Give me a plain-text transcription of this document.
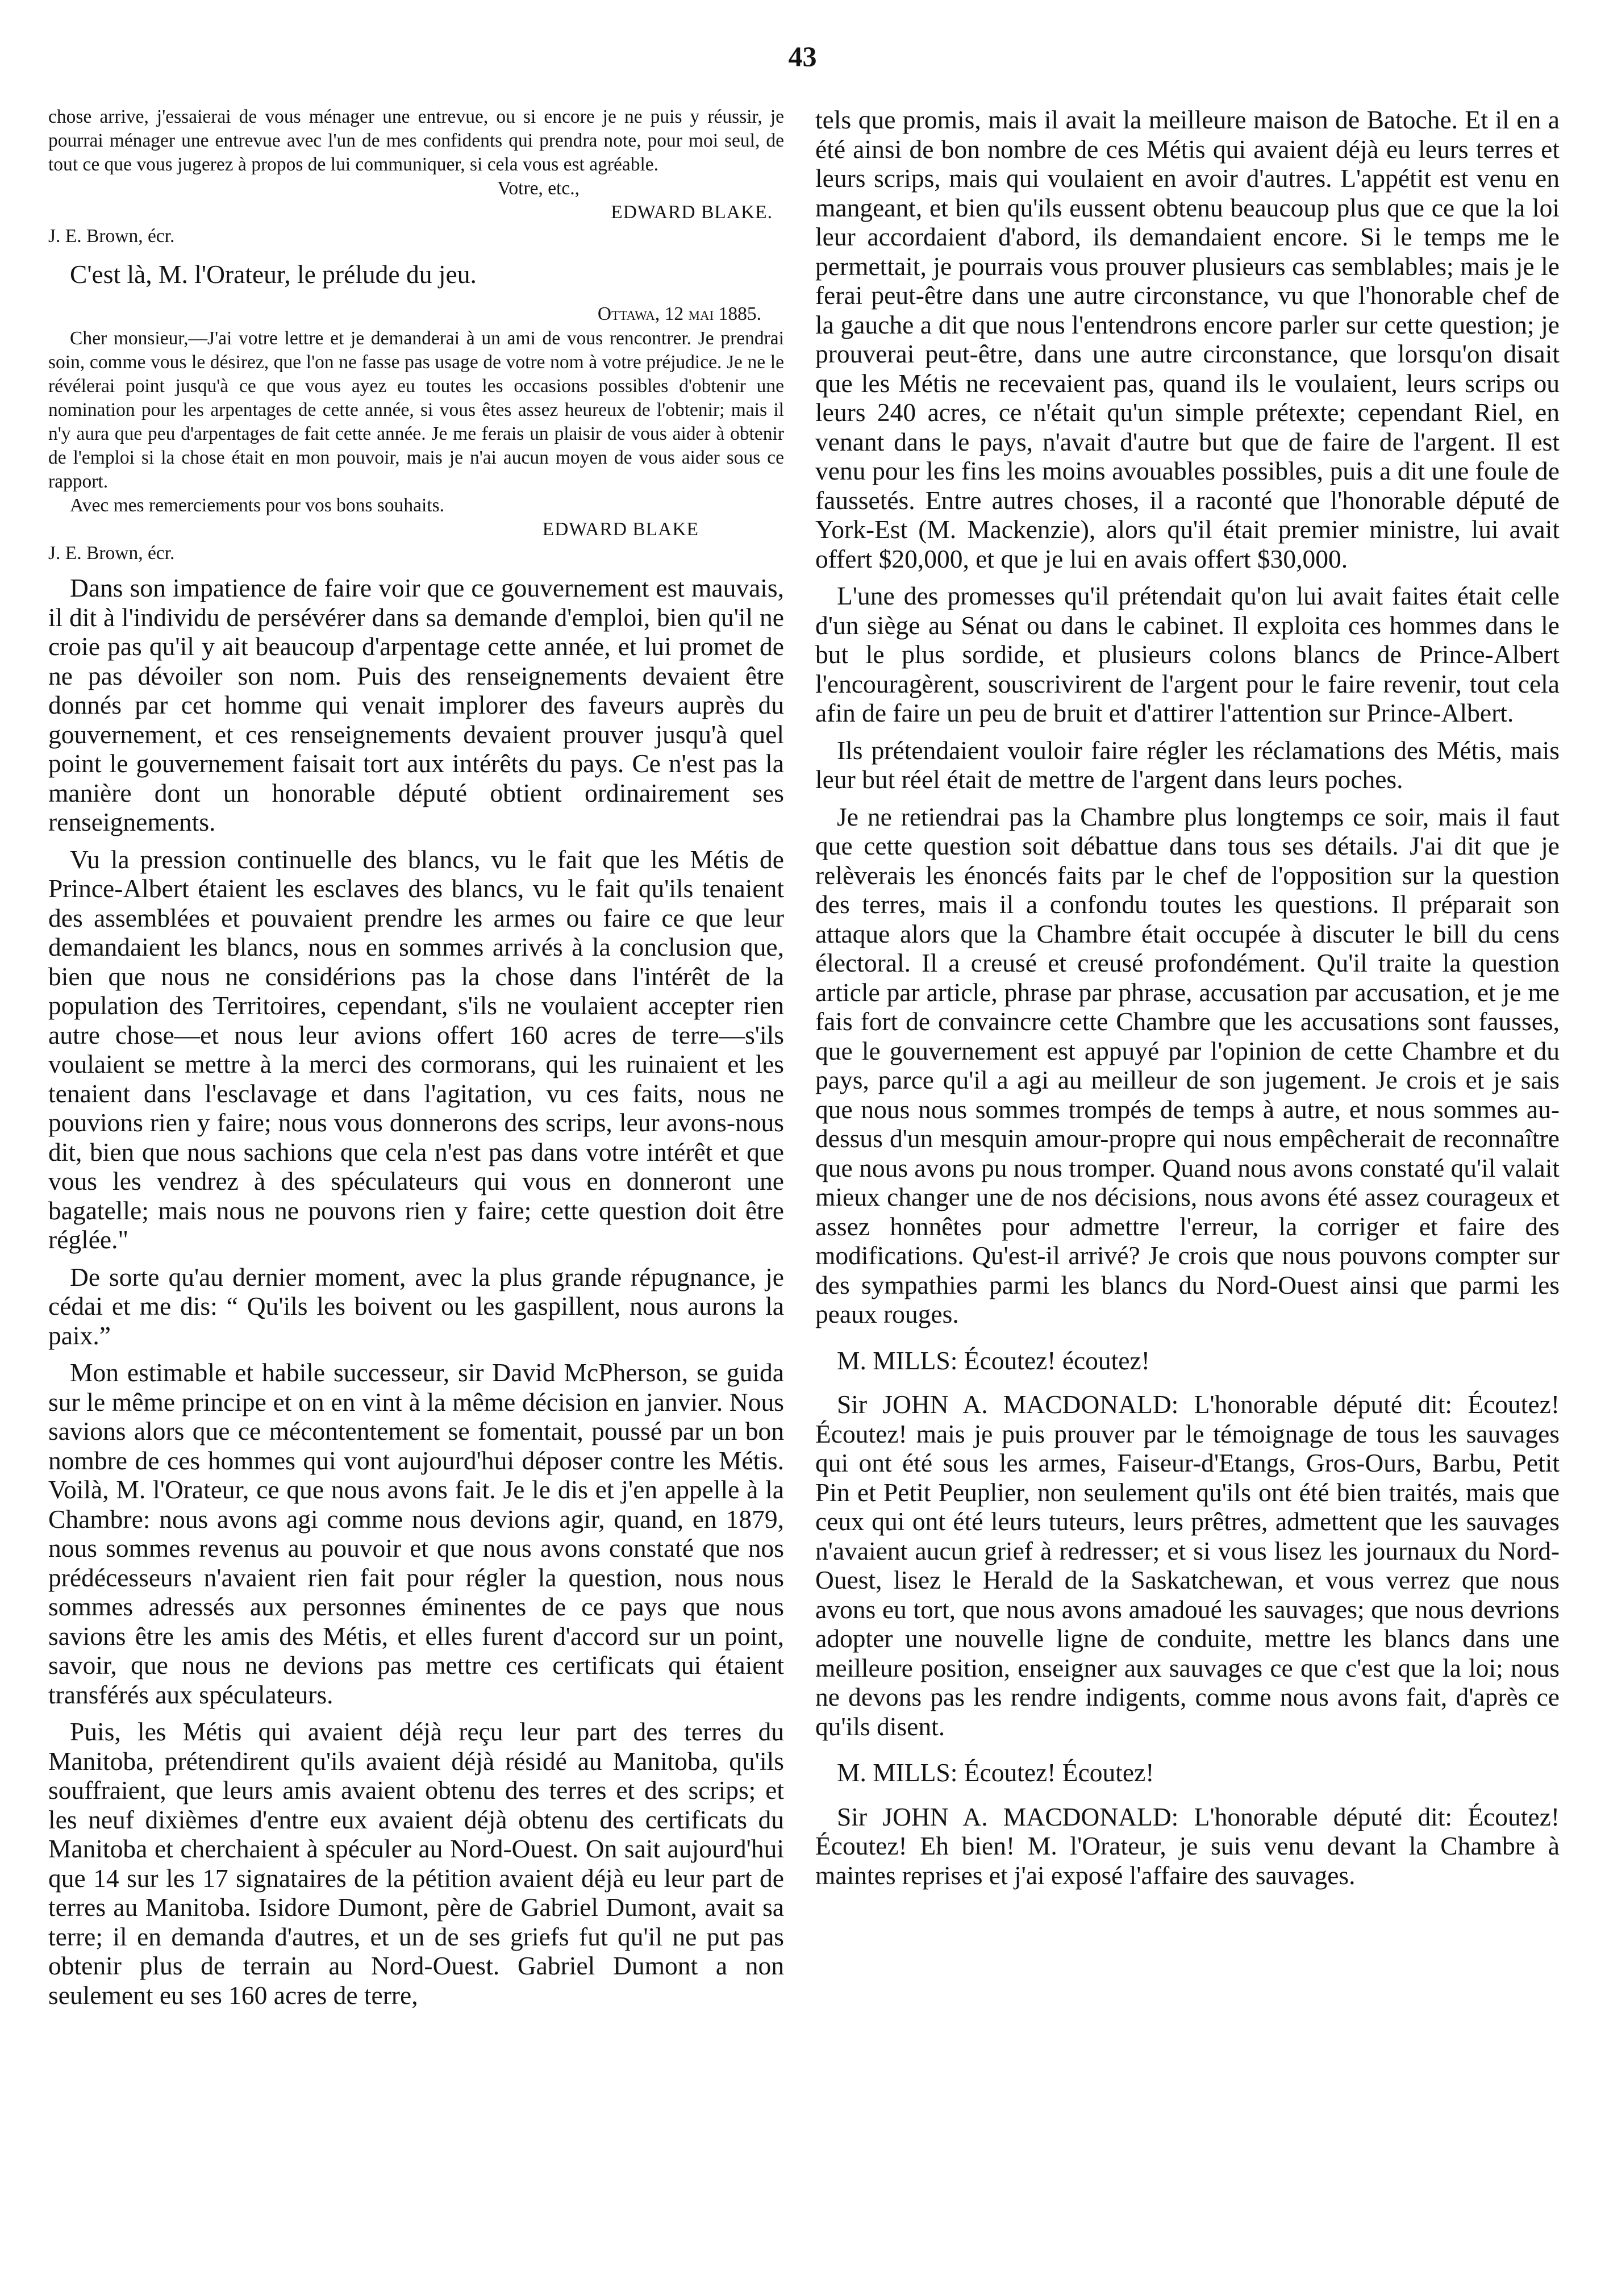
43

chose arrive, j'essaierai de vous ménager une entrevue, ou si encore je ne puis y réussir, je pourrai ménager une entrevue avec l'un de mes confidents qui prendra note, pour moi seul, de tout ce que vous jugerez à propos de lui communiquer, si cela vous est agréable.

Votre, etc.,

EDWARD BLAKE.

J. E. Brown, écr.

C'est là, M. l'Orateur, le prélude du jeu.

Ottawa, 12 mai 1885.

Cher monsieur,—J'ai votre lettre et je demanderai à un ami de vous rencontrer. Je prendrai soin, comme vous le désirez, que l'on ne fasse pas usage de votre nom à votre préjudice. Je ne le révélerai point jusqu'à ce que vous ayez eu toutes les occasions possibles d'obtenir une nomination pour les arpentages de cette année, si vous êtes assez heureux de l'obtenir; mais il n'y aura que peu d'arpentages de fait cette année. Je me ferais un plaisir de vous aider à obtenir de l'emploi si la chose était en mon pouvoir, mais je n'ai aucun moyen de vous aider sous ce rapport.

Avec mes remerciements pour vos bons souhaits.

EDWARD BLAKE

J. E. Brown, écr.

Dans son impatience de faire voir que ce gouvernement est mauvais, il dit à l'individu de persévérer dans sa demande d'emploi, bien qu'il ne croie pas qu'il y ait beaucoup d'arpentage cette année, et lui promet de ne pas dévoiler son nom. Puis des renseignements devaient être donnés par cet homme qui venait implorer des faveurs auprès du gouvernement, et ces renseignements devaient prouver jusqu'à quel point le gouvernement faisait tort aux intérêts du pays. Ce n'est pas la manière dont un honorable député obtient ordinairement ses renseignements.

Vu la pression continuelle des blancs, vu le fait que les Métis de Prince-Albert étaient les esclaves des blancs, vu le fait qu'ils tenaient des assemblées et pouvaient prendre les armes ou faire ce que leur demandaient les blancs, nous en sommes arrivés à la conclusion que, bien que nous ne considérions pas la chose dans l'intérêt de la population des Territoires, cependant, s'ils ne voulaient accepter rien autre chose—et nous leur avions offert 160 acres de terre—s'ils voulaient se mettre à la merci des cormorans, qui les ruinaient et les tenaient dans l'esclavage et dans l'agitation, vu ces faits, nous ne pouvions rien y faire; nous vous donnerons des scrips, leur avons-nous dit, bien que nous sachions que cela n'est pas dans votre intérêt et que vous les vendrez à des spéculateurs qui vous en donneront une bagatelle; mais nous ne pouvons rien y faire; cette question doit être réglée."

De sorte qu'au dernier moment, avec la plus grande répugnance, je cédai et me dis: “ Qu'ils les boivent ou les gaspillent, nous aurons la paix.”

Mon estimable et habile successeur, sir David McPherson, se guida sur le même principe et on en vint à la même décision en janvier. Nous savions alors que ce mécontentement se fomentait, poussé par un bon nombre de ces hommes qui vont aujourd'hui déposer contre les Métis. Voilà, M. l'Orateur, ce que nous avons fait. Je le dis et j'en appelle à la Chambre: nous avons agi comme nous devions agir, quand, en 1879, nous sommes revenus au pouvoir et que nous avons constaté que nos prédécesseurs n'avaient rien fait pour régler la question, nous nous sommes adressés aux personnes éminentes de ce pays que nous savions être les amis des Métis, et elles furent d'accord sur un point, savoir, que nous ne devions pas mettre ces certificats qui étaient transférés aux spéculateurs.

Puis, les Métis qui avaient déjà reçu leur part des terres du Manitoba, prétendirent qu'ils avaient déjà résidé au Manitoba, qu'ils souffraient, que leurs amis avaient obtenu des terres et des scrips; et les neuf dixièmes d'entre eux avaient déjà obtenu des certificats du Manitoba et cherchaient à spéculer au Nord-Ouest. On sait aujourd'hui que 14 sur les 17 signataires de la pétition avaient déjà eu leur part de terres au Manitoba. Isidore Dumont, père de Gabriel Dumont, avait sa terre; il en demanda d'autres, et un de ses griefs fut qu'il ne put pas obtenir plus de terrain au Nord-Ouest. Gabriel Dumont a non seulement eu ses 160 acres de terre,

tels que promis, mais il avait la meilleure maison de Batoche. Et il en a été ainsi de bon nombre de ces Métis qui avaient déjà eu leurs terres et leurs scrips, mais qui voulaient en avoir d'autres. L'appétit est venu en mangeant, et bien qu'ils eussent obtenu beaucoup plus que ce que la loi leur accordaient d'abord, ils demandaient encore. Si le temps me le permettait, je pourrais vous prouver plusieurs cas semblables; mais je le ferai peut-être dans une autre circonstance, vu que l'honorable chef de la gauche a dit que nous l'entendrons encore parler sur cette question; je prouverai peut-être, dans une autre circonstance, que lorsqu'on disait que les Métis ne recevaient pas, quand ils le voulaient, leurs scrips ou leurs 240 acres, ce n'était qu'un simple prétexte; cependant Riel, en venant dans le pays, n'avait d'autre but que de faire de l'argent. Il est venu pour les fins les moins avouables possibles, puis a dit une foule de faussetés. Entre autres choses, il a raconté que l'honorable député de York-Est (M. Mackenzie), alors qu'il était premier ministre, lui avait offert $20,000, et que je lui en avais offert $30,000.

L'une des promesses qu'il prétendait qu'on lui avait faites était celle d'un siège au Sénat ou dans le cabinet. Il exploita ces hommes dans le but le plus sordide, et plusieurs colons blancs de Prince-Albert l'encouragèrent, souscrivirent de l'argent pour le faire revenir, tout cela afin de faire un peu de bruit et d'attirer l'attention sur Prince-Albert.

Ils prétendaient vouloir faire régler les réclamations des Métis, mais leur but réel était de mettre de l'argent dans leurs poches.

Je ne retiendrai pas la Chambre plus longtemps ce soir, mais il faut que cette question soit débattue dans tous ses détails. J'ai dit que je relèverais les énoncés faits par le chef de l'opposition sur la question des terres, mais il a confondu toutes les questions. Il préparait son attaque alors que la Chambre était occupée à discuter le bill du cens électoral. Il a creusé et creusé profondément. Qu'il traite la question article par article, phrase par phrase, accusation par accusation, et je me fais fort de convaincre cette Chambre que les accusations sont fausses, que le gouvernement est appuyé par l'opinion de cette Chambre et du pays, parce qu'il a agi au meilleur de son jugement. Je crois et je sais que nous nous sommes trompés de temps à autre, et nous sommes au-dessus d'un mesquin amour-propre qui nous empêcherait de reconnaître que nous avons pu nous tromper. Quand nous avons constaté qu'il valait mieux changer une de nos décisions, nous avons été assez courageux et assez honnêtes pour admettre l'erreur, la corriger et faire des modifications. Qu'est-il arrivé? Je crois que nous pouvons compter sur des sympathies parmi les blancs du Nord-Ouest ainsi que parmi les peaux rouges.

M. MILLS: Écoutez! écoutez!

Sir JOHN A. MACDONALD: L'honorable député dit: Écoutez! Écoutez! mais je puis prouver par le témoignage de tous les sauvages qui ont été sous les armes, Faiseur-d'Etangs, Gros-Ours, Barbu, Petit Pin et Petit Peuplier, non seulement qu'ils ont été bien traités, mais que ceux qui ont été leurs tuteurs, leurs prêtres, admettent que les sauvages n'avaient aucun grief à redresser; et si vous lisez les journaux du Nord-Ouest, lisez le Herald de la Saskatchewan, et vous verrez que nous avons eu tort, que nous avons amadoué les sauvages; que nous devrions adopter une nouvelle ligne de conduite, mettre les blancs dans une meilleure position, enseigner aux sauvages ce que c'est que la loi; nous ne devons pas les rendre indigents, comme nous avons fait, d'après ce qu'ils disent.

M. MILLS: Écoutez! Écoutez!

Sir JOHN A. MACDONALD: L'honorable député dit: Écoutez! Écoutez! Eh bien! M. l'Orateur, je suis venu devant la Chambre à maintes reprises et j'ai exposé l'affaire des sauvages.
